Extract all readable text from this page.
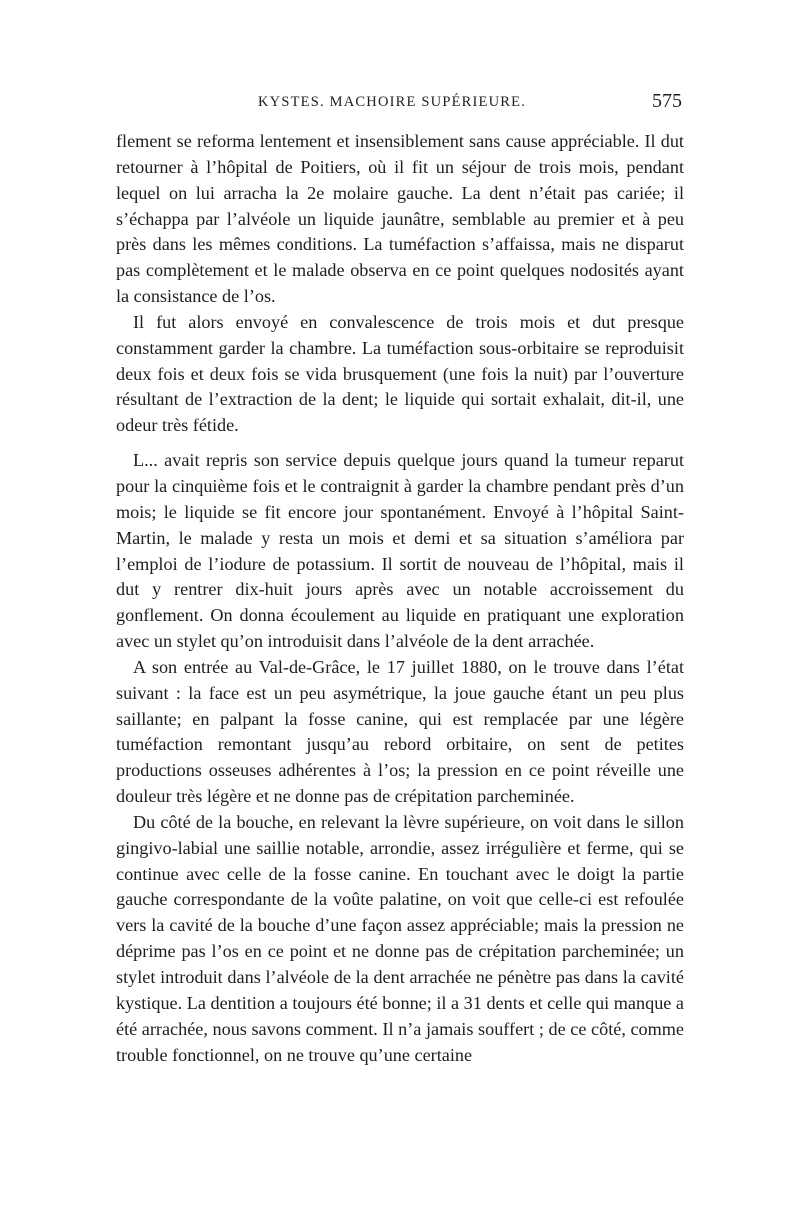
KYSTES. MACHOIRE SUPÉRIEURE.	575

flement se reforma lentement et insensiblement sans cause appréciable. Il dut retourner à l’hôpital de Poitiers, où il fit un séjour de trois mois, pendant lequel on lui arracha la 2e molaire gauche. La dent n’était pas cariée; il s’échappa par l’alvéole un liquide jaunâtre, semblable au premier et à peu près dans les mêmes conditions. La tuméfaction s’affaissa, mais ne disparut pas complètement et le malade observa en ce point quelques nodosités ayant la consistance de l’os.

Il fut alors envoyé en convalescence de trois mois et dut presque constamment garder la chambre. La tuméfaction sous-orbitaire se reproduisit deux fois et deux fois se vida brusquement (une fois la nuit) par l’ouverture résultant de l’extraction de la dent; le liquide qui sortait exhalait, dit-il, une odeur très fétide.

L... avait repris son service depuis quelque jours quand la tumeur reparut pour la cinquième fois et le contraignit à garder la chambre pendant près d’un mois; le liquide se fit encore jour spontanément. Envoyé à l’hôpital Saint-Martin, le malade y resta un mois et demi et sa situation s’améliora par l’emploi de l’iodure de potassium. Il sortit de nouveau de l’hôpital, mais il dut y rentrer dix-huit jours après avec un notable accroissement du gonflement. On donna écoulement au liquide en pratiquant une exploration avec un stylet qu’on introduisit dans l’alvéole de la dent arrachée.

A son entrée au Val-de-Grâce, le 17 juillet 1880, on le trouve dans l’état suivant : la face est un peu asymétrique, la joue gauche étant un peu plus saillante; en palpant la fosse canine, qui est remplacée par une légère tuméfaction remontant jusqu’au rebord orbitaire, on sent de petites productions osseuses adhérentes à l’os; la pression en ce point réveille une douleur très légère et ne donne pas de crépitation parcheminée.

Du côté de la bouche, en relevant la lèvre supérieure, on voit dans le sillon gingivo-labial une saillie notable, arrondie, assez irrégulière et ferme, qui se continue avec celle de la fosse canine. En touchant avec le doigt la partie gauche correspondante de la voûte palatine, on voit que celle-ci est refoulée vers la cavité de la bouche d’une façon assez appréciable; mais la pression ne déprime pas l’os en ce point et ne donne pas de crépitation parcheminée; un stylet introduit dans l’alvéole de la dent arrachée ne pénètre pas dans la cavité kystique. La dentition a toujours été bonne; il a 31 dents et celle qui manque a été arrachée, nous savons comment. Il n’a jamais souffert ; de ce côté, comme trouble fonctionnel, on ne trouve qu’une certaine
